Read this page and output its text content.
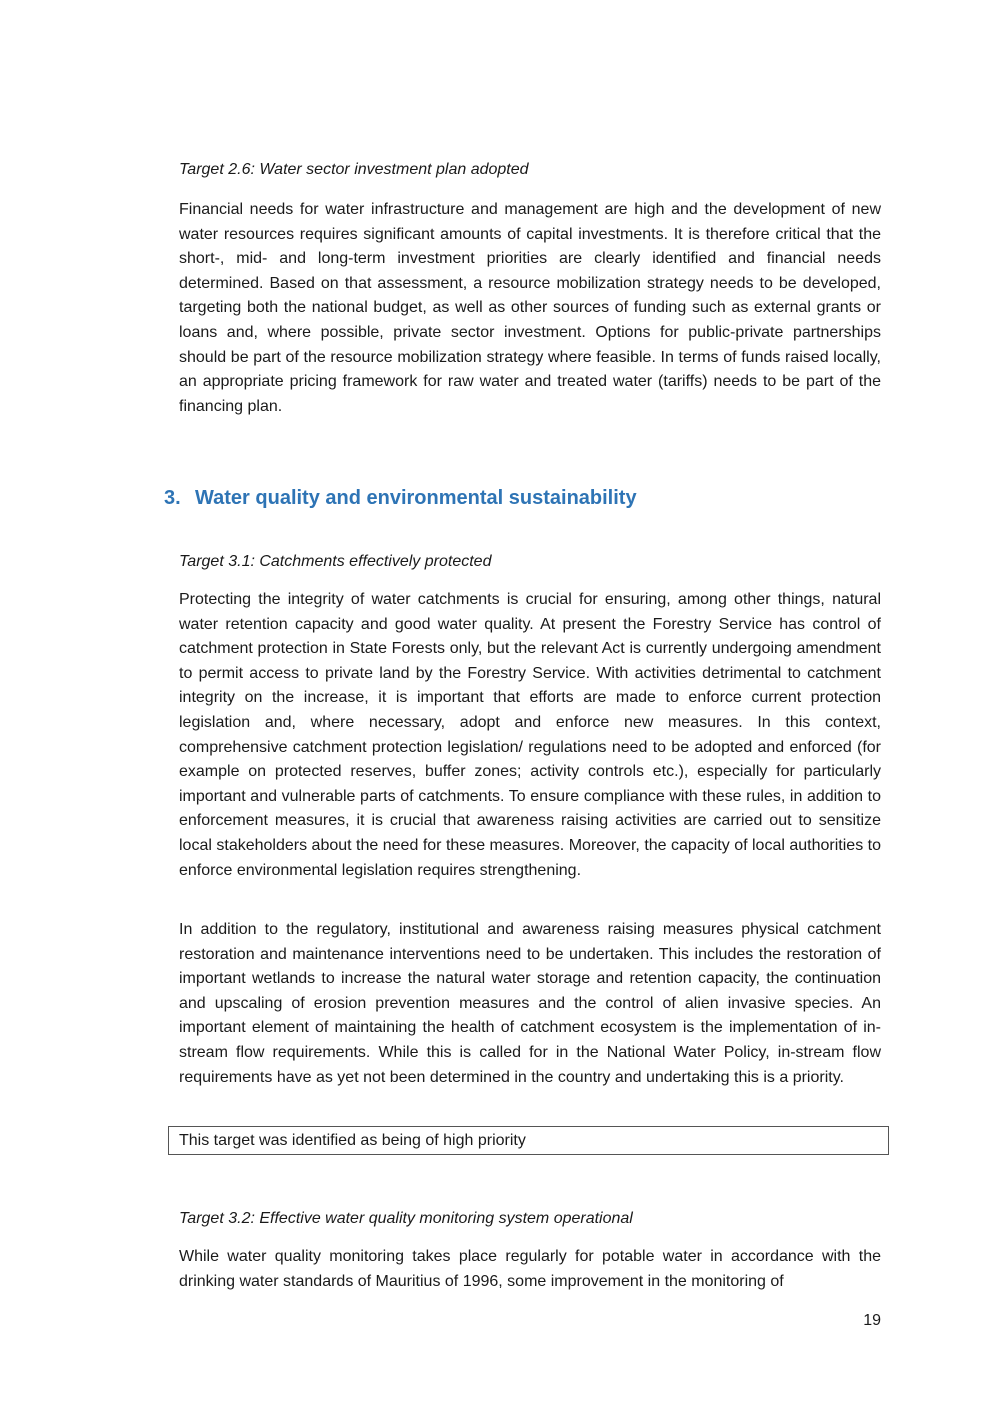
Target 2.6: Water sector investment plan adopted

Financial needs for water infrastructure and management are high and the development of new water resources requires significant amounts of capital investments. It is therefore critical that the short-, mid- and long-term investment priorities are clearly identified and financial needs determined. Based on that assessment, a resource mobilization strategy needs to be developed, targeting both the national budget, as well as other sources of funding such as external grants or loans and, where possible, private sector investment. Options for public-private partnerships should be part of the resource mobilization strategy where feasible. In terms of funds raised locally, an appropriate pricing framework for raw water and treated water (tariffs) needs to be part of the financing plan.

3. Water quality and environmental sustainability

Target 3.1: Catchments effectively protected

Protecting the integrity of water catchments is crucial for ensuring, among other things, natural water retention capacity and good water quality. At present the Forestry Service has control of catchment protection in State Forests only, but the relevant Act is currently undergoing amendment to permit access to private land by the Forestry Service. With activities detrimental to catchment integrity on the increase, it is important that efforts are made to enforce current protection legislation and, where necessary, adopt and enforce new measures. In this context, comprehensive catchment protection legislation/ regulations need to be adopted and enforced (for example on protected reserves, buffer zones; activity controls etc.), especially for particularly important and vulnerable parts of catchments. To ensure compliance with these rules, in addition to enforcement measures, it is crucial that awareness raising activities are carried out to sensitize local stakeholders about the need for these measures. Moreover, the capacity of local authorities to enforce environmental legislation requires strengthening.

In addition to the regulatory, institutional and awareness raising measures physical catchment restoration and maintenance interventions need to be undertaken. This includes the restoration of important wetlands to increase the natural water storage and retention capacity, the continuation and upscaling of erosion prevention measures and the control of alien invasive species. An important element of maintaining the health of catchment ecosystem is the implementation of in-stream flow requirements. While this is called for in the National Water Policy, in-stream flow requirements have as yet not been determined in the country and undertaking this is a priority.

This target was identified as being of high priority

Target 3.2: Effective water quality monitoring system operational

While water quality monitoring takes place regularly for potable water in accordance with the drinking water standards of Mauritius of 1996, some improvement in the monitoring of

19
